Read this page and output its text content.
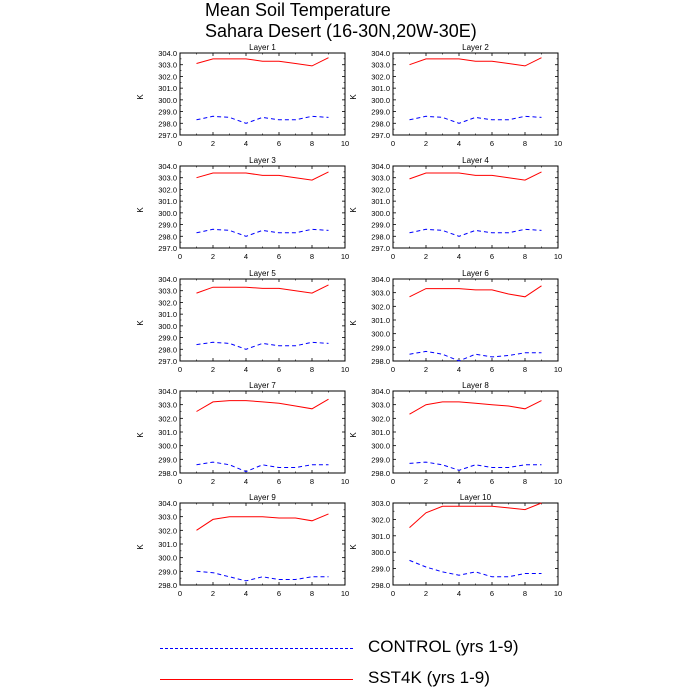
Mean Soil Temperature
Sahara Desert (16-30N,20W-30E)
Layer 1
K
297.0
298.0
299.0
300.0
301.0
302.0
303.0
304.0
0	2	4	6	8	10
Layer 2
K
297.0
298.0
299.0
300.0
301.0
302.0
303.0
304.0
0	2	4	6	8	10
Layer 3
K
297.0
298.0
299.0
300.0
301.0
302.0
303.0
304.0
0	2	4	6	8	10
Layer 4
K
297.0
298.0
299.0
300.0
301.0
302.0
303.0
304.0
0	2	4	6	8	10
Layer 5
K
297.0
298.0
299.0
300.0
301.0
302.0
303.0
304.0
0	2	4	6	8	10
Layer 6
K
298.0
299.0
300.0
301.0
302.0
303.0
304.0
0	2	4	6	8	10
Layer 7
K
298.0
299.0
300.0
301.0
302.0
303.0
304.0
0	2	4	6	8	10
Layer 8
K
298.0
299.0
300.0
301.0
302.0
303.0
304.0
0	2	4	6	8	10
Layer 9
K
298.0
299.0
300.0
301.0
302.0
303.0
304.0
0	2	4	6	8	10
Layer 10
K
298.0
299.0
300.0
301.0
302.0
303.0
0	2	4	6	8	10
CONTROL (yrs 1-9)
SST4K (yrs 1-9)
